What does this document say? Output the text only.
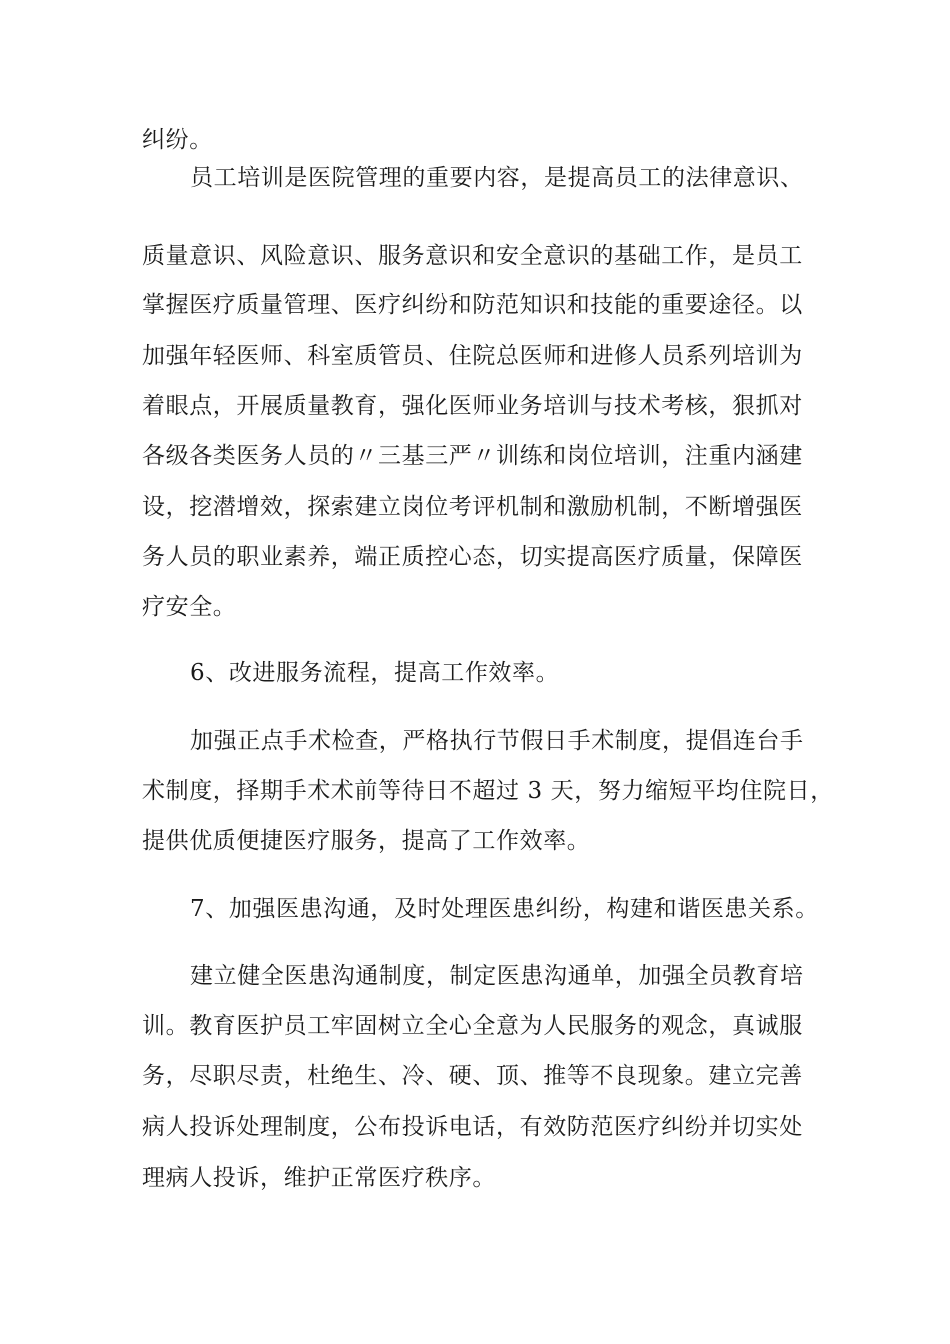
纠纷。
员工培训是医院管理的重要内容，是提高员工的法律意识、
质量意识、风险意识、服务意识和安全意识的基础工作，是员工
掌握医疗质量管理、医疗纠纷和防范知识和技能的重要途径。以
加强年轻医师、科室质管员、住院总医师和进修人员系列培训为
着眼点，开展质量教育，强化医师业务培训与技术考核，狠抓对
各级各类医务人员的〃三基三严〃训练和岗位培训，注重内涵建
设，挖潜增效，探索建立岗位考评机制和激励机制，不断增强医
务人员的职业素养，端正质控心态，切实提高医疗质量，保障医
疗安全。
6、改进服务流程，提高工作效率。
加强正点手术检查，严格执行节假日手术制度，提倡连台手
术制度，择期手术术前等待日不超过 3 天，努力缩短平均住院日，
提供优质便捷医疗服务，提高了工作效率。
7、加强医患沟通，及时处理医患纠纷，构建和谐医患关系。
建立健全医患沟通制度，制定医患沟通单，加强全员教育培
训。教育医护员工牢固树立全心全意为人民服务的观念，真诚服
务，尽职尽责，杜绝生、冷、硬、顶、推等不良现象。建立完善
病人投诉处理制度，公布投诉电话，有效防范医疗纠纷并切实处
理病人投诉，维护正常医疗秩序。
